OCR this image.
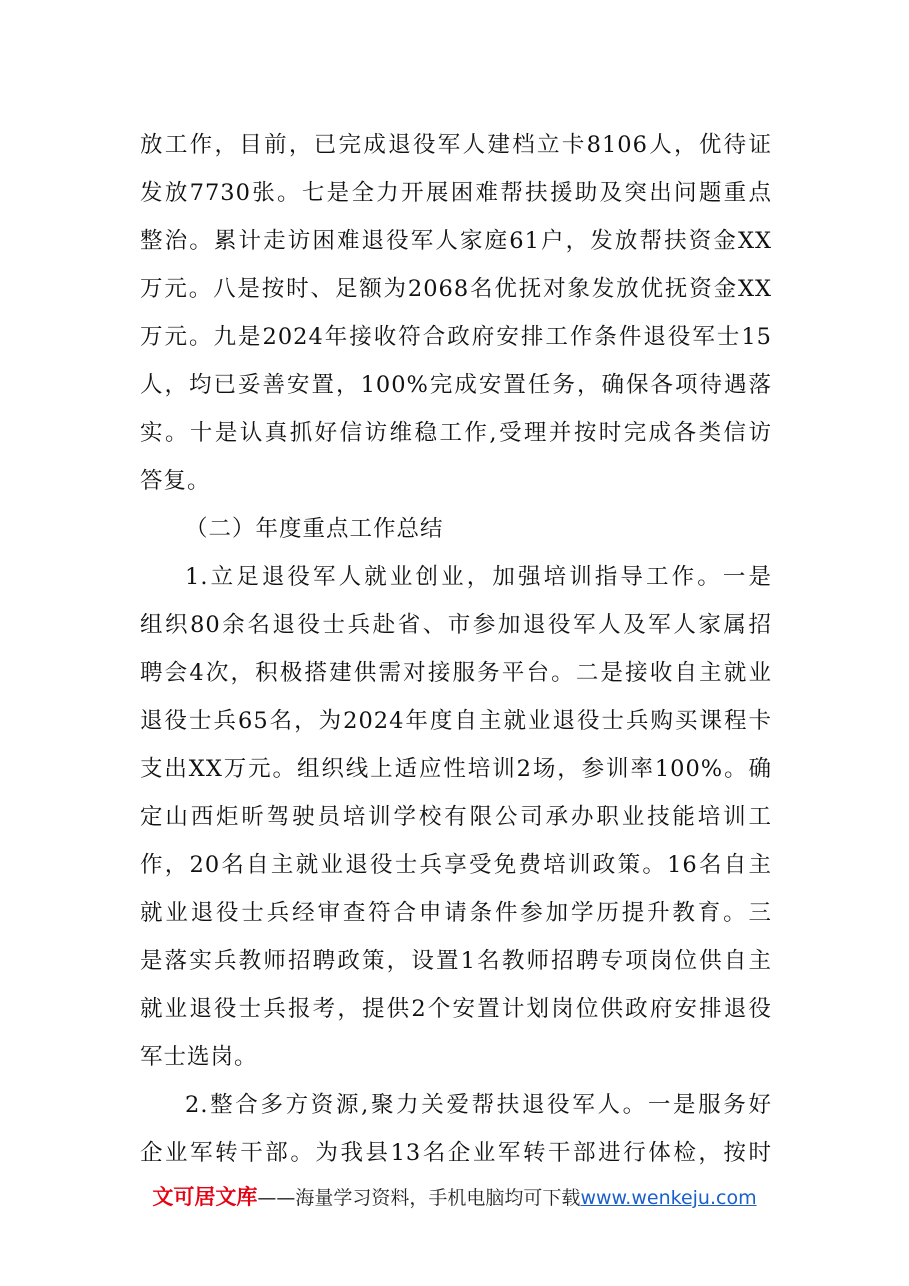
放工作，目前，已完成退役军人建档立卡8106人，优待证
发放7730张。七是全力开展困难帮扶援助及突出问题重点
整治。累计走访困难退役军人家庭61户，发放帮扶资金XX
万元。八是按时、足额为2068名优抚对象发放优抚资金XX
万元。九是2024年接收符合政府安排工作条件退役军士15
人，均已妥善安置，100%完成安置任务，确保各项待遇落
实。十是认真抓好信访维稳工作,受理并按时完成各类信访
答复。
（二）年度重点工作总结
1.立足退役军人就业创业，加强培训指导工作。一是
组织80余名退役士兵赴省、市参加退役军人及军人家属招
聘会4次，积极搭建供需对接服务平台。二是接收自主就业
退役士兵65名，为2024年度自主就业退役士兵购买课程卡
支出XX万元。组织线上适应性培训2场，参训率100%。确
定山西炬昕驾驶员培训学校有限公司承办职业技能培训工
作，20名自主就业退役士兵享受免费培训政策。16名自主
就业退役士兵经审查符合申请条件参加学历提升教育。三
是落实兵教师招聘政策，设置1名教师招聘专项岗位供自主
就业退役士兵报考，提供2个安置计划岗位供政府安排退役
军士选岗。
2.整合多方资源,聚力关爱帮扶退役军人。一是服务好
企业军转干部。为我县13名企业军转干部进行体检，按时
文可居文库——海量学习资料，手机电脑均可下载www.wenkeju.com
